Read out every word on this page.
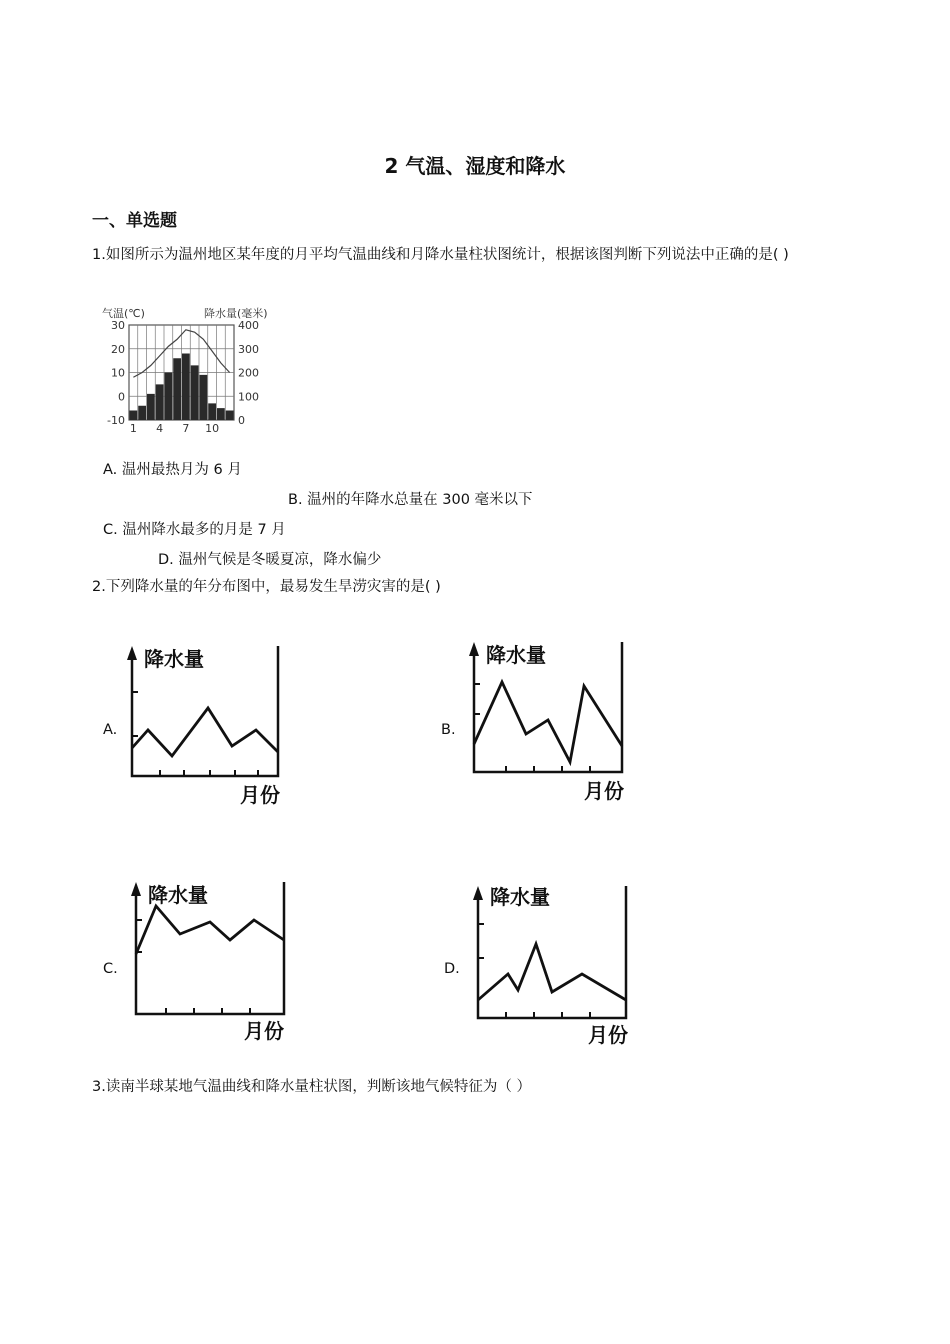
2 气温、湿度和降水
一、单选题
1.如图所示为温州地区某年度的月平均气温曲线和月降水量柱状图统计，根据该图判断下列说法中正确的是( )
气温(℃)	降水量(毫米)
30
20
10
0
-10
400
300
200
100
0
1 4 7 10
A. 温州最热月为 6 月
B. 温州的年降水总量在 300 毫米以下
C. 温州降水最多的月是 7 月
D. 温州气候是冬暖夏凉，降水偏少
2.下列降水量的年分布图中，最易发生旱涝灾害的是( )
A.	B.
C.	D.
降水量
月份
降水量
月份
降水量
月份
降水量
月份
3.读南半球某地气温曲线和降水量柱状图，判断该地气候特征为（ ）
